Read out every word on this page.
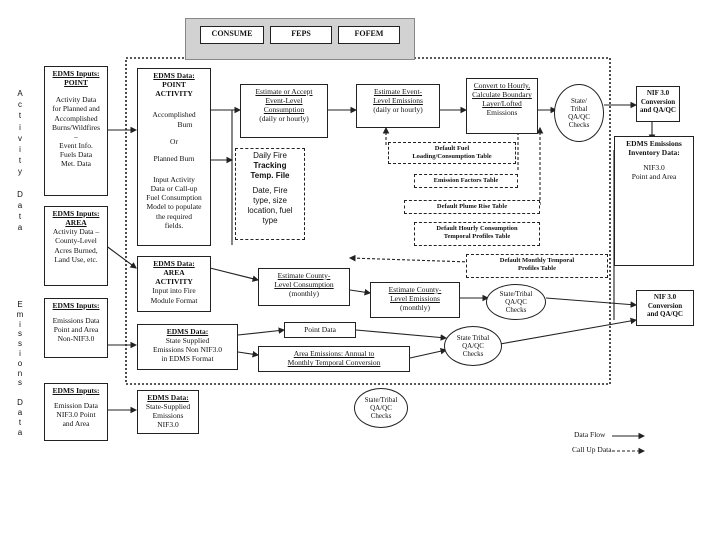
CONSUME	FEPS	FOFEM
A
c
t
i
v
i
t
y
D
a
t
a
E
m
i
s
s
i
o
n
s
D
a
t
a
EDMS Inputs: POINT
Activity Data
for Planned and
Accomplished
Burns/Wildfires
–
Event Info.
Fuels Data
Met. Data
EDMS Inputs: AREA
Activity Data –
County-Level
Acres Burned,
Land Use, etc.
EDMS Inputs:
Emissions Data
Point and Area
Non-NIF3.0
EDMS Inputs:
Emission Data
NIF3.0 Point
and Area
EDMS Data:
POINT
ACTIVITY
Accomplished
Burn
Or
Planned Burn
Input Activity
Data or Call-up
Fuel Consumption
Model to populate
the required
fields.
Daily Fire
Tracking
Temp. File
Date, Fire
type, size
location, fuel
type
Estimate or Accept
Event-Level
Consumption
(daily or hourly)
Estimate Event-
Level Emissions
(daily or hourly)
Convert to Hourly,
Calculate Boundary
Layer/Lofted
Emissions
State/
Tribal
QA/QC
Checks
NIF 3.0
Conversion
and QA/QC
EDMS Emissions
Inventory Data:
NIF3.0
Point and Area
Default Fuel
Loading/Consumption Table
Emission Factors Table
Default Plume Rise Table
Default Hourly Consumption
Temporal Profiles Table
Default Monthly Temporal
Profiles Table
EDMS Data:
AREA
ACTIVITY
Input into Fire
Module Format
Estimate County-
Level Consumption
(monthly)	Estimate County-
Level Emissions
(monthly)
State/Tribal
QA/QC
Checks
NIF 3.0
Conversion
and QA/QC
EDMS Data:
State Supplied
Emissions Non NIF3.0
in EDMS Format
Point Data
Area Emissions: Annual to
Monthly Temporal Conversion
State Tribal
QA/QC
Checks
State/Tribal
QA/QC
Checks
EDMS Data:
State-Supplied
Emissions
NIF3.0
Data Flow
Call Up Data
